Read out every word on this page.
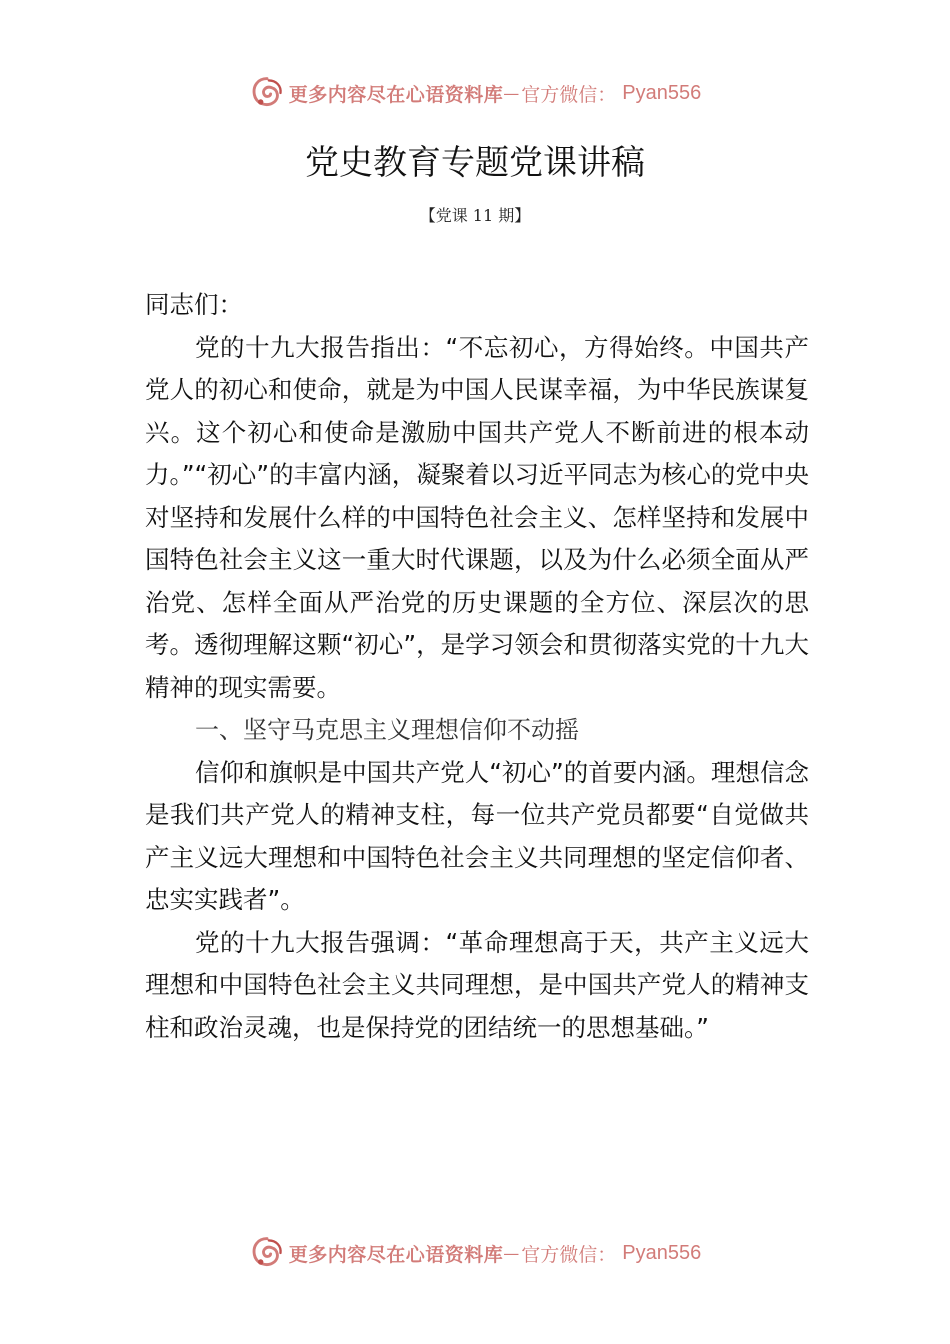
更多内容尽在心语资料库 — 官方微信： Pyan556
党史教育专题党课讲稿
【党课 11 期】

同志们：

党的十九大报告指出：“不忘初心，方得始终。中国共产党人的初心和使命，就是为中国人民谋幸福，为中华民族谋复兴。这个初心和使命是激励中国共产党人不断前进的根本动力。”“初心”的丰富内涵，凝聚着以习近平同志为核心的党中央对坚持和发展什么样的中国特色社会主义、怎样坚持和发展中国特色社会主义这一重大时代课题，以及为什么必须全面从严治党、怎样全面从严治党的历史课题的全方位、深层次的思考。透彻理解这颗“初心”，是学习领会和贯彻落实党的十九大精神的现实需要。

一、坚守马克思主义理想信仰不动摇

信仰和旗帜是中国共产党人“初心”的首要内涵。理想信念是我们共产党人的精神支柱，每一位共产党员都要“自觉做共产主义远大理想和中国特色社会主义共同理想的坚定信仰者、忠实实践者”。

党的十九大报告强调：“革命理想高于天，共产主义远大理想和中国特色社会主义共同理想，是中国共产党人的精神支柱和政治灵魂，也是保持党的团结统一的思想基础。”

更多内容尽在心语资料库 — 官方微信： Pyan556
